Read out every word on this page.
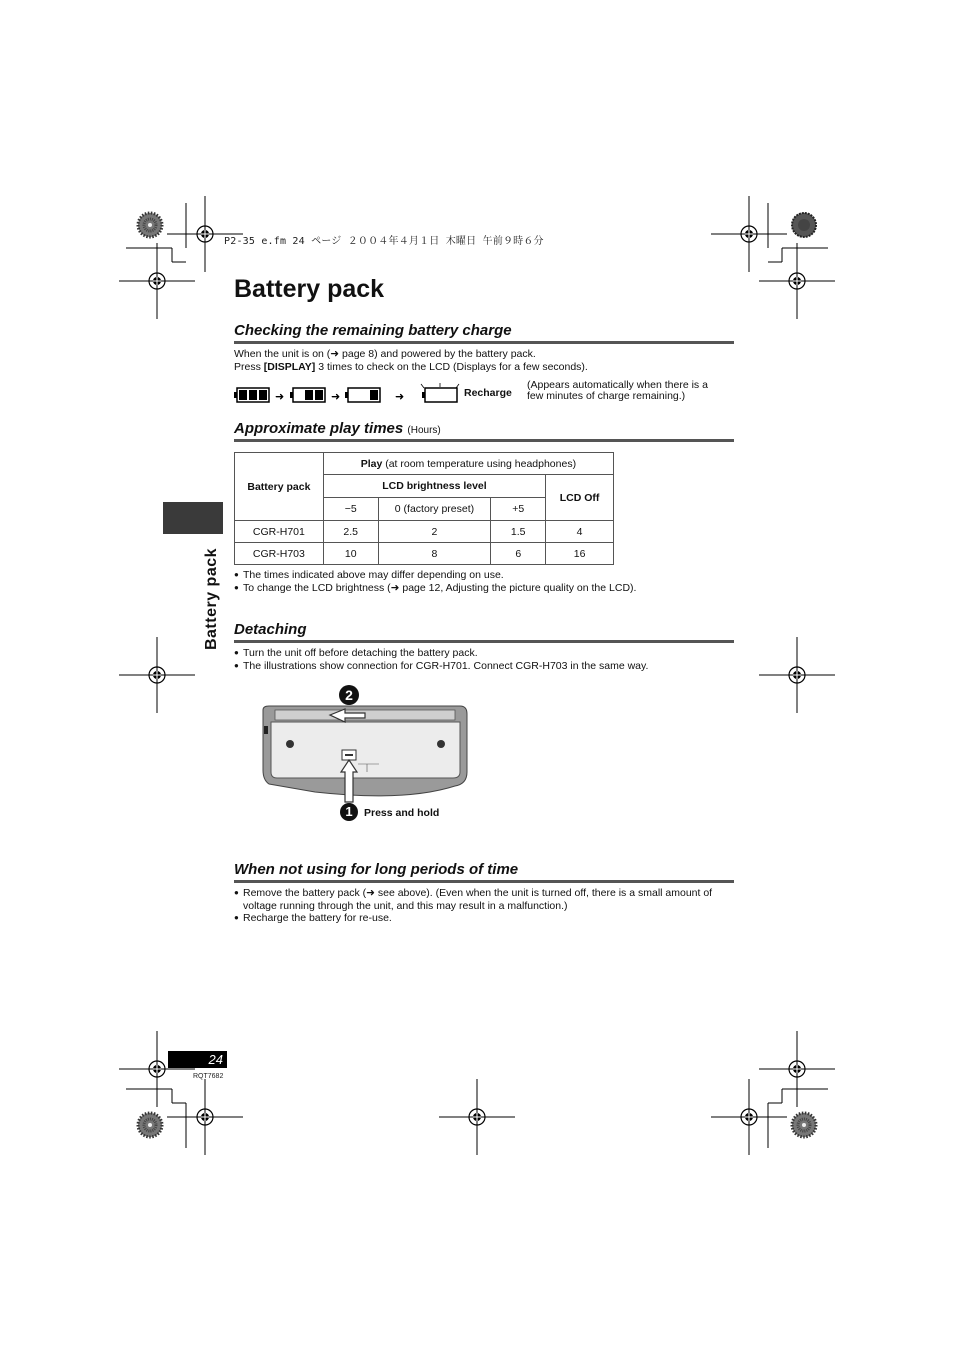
P2-35 e.fm 24 ページ ２００４年４月１日 木曜日 午前９時６分
Battery pack
Battery pack
Checking the remaining battery charge
When the unit is on (➜ page 8) and powered by the battery pack.
Press [DISPLAY] 3 times to check on the LCD (Displays for a few seconds).
➜	➜	➜	Recharge
(Appears automatically when there is a
few minutes of charge remaining.)
Approximate play times (Hours)
Battery pack	Play (at room temperature using headphones)			
	LCD brightness level			LCD Off
	−5	0 (factory preset)	+5	
CGR-H701	2.5	2	1.5	4
CGR-H703	10	8	6	16
● The times indicated above may differ depending on use.
● To change the LCD brightness (➜ page 12, Adjusting the picture quality on the LCD).
Detaching
● Turn the unit off before detaching the battery pack.
● The illustrations show connection for CGR-H701. Connect CGR-H703 in the same way.
2
1	Press and hold
When not using for long periods of time
● Remove the battery pack (➜ see above). (Even when the unit is turned off, there is a small amount of voltage running through the unit, and this may result in a malfunction.)
● Recharge the battery for re-use.
24
RQT7682
